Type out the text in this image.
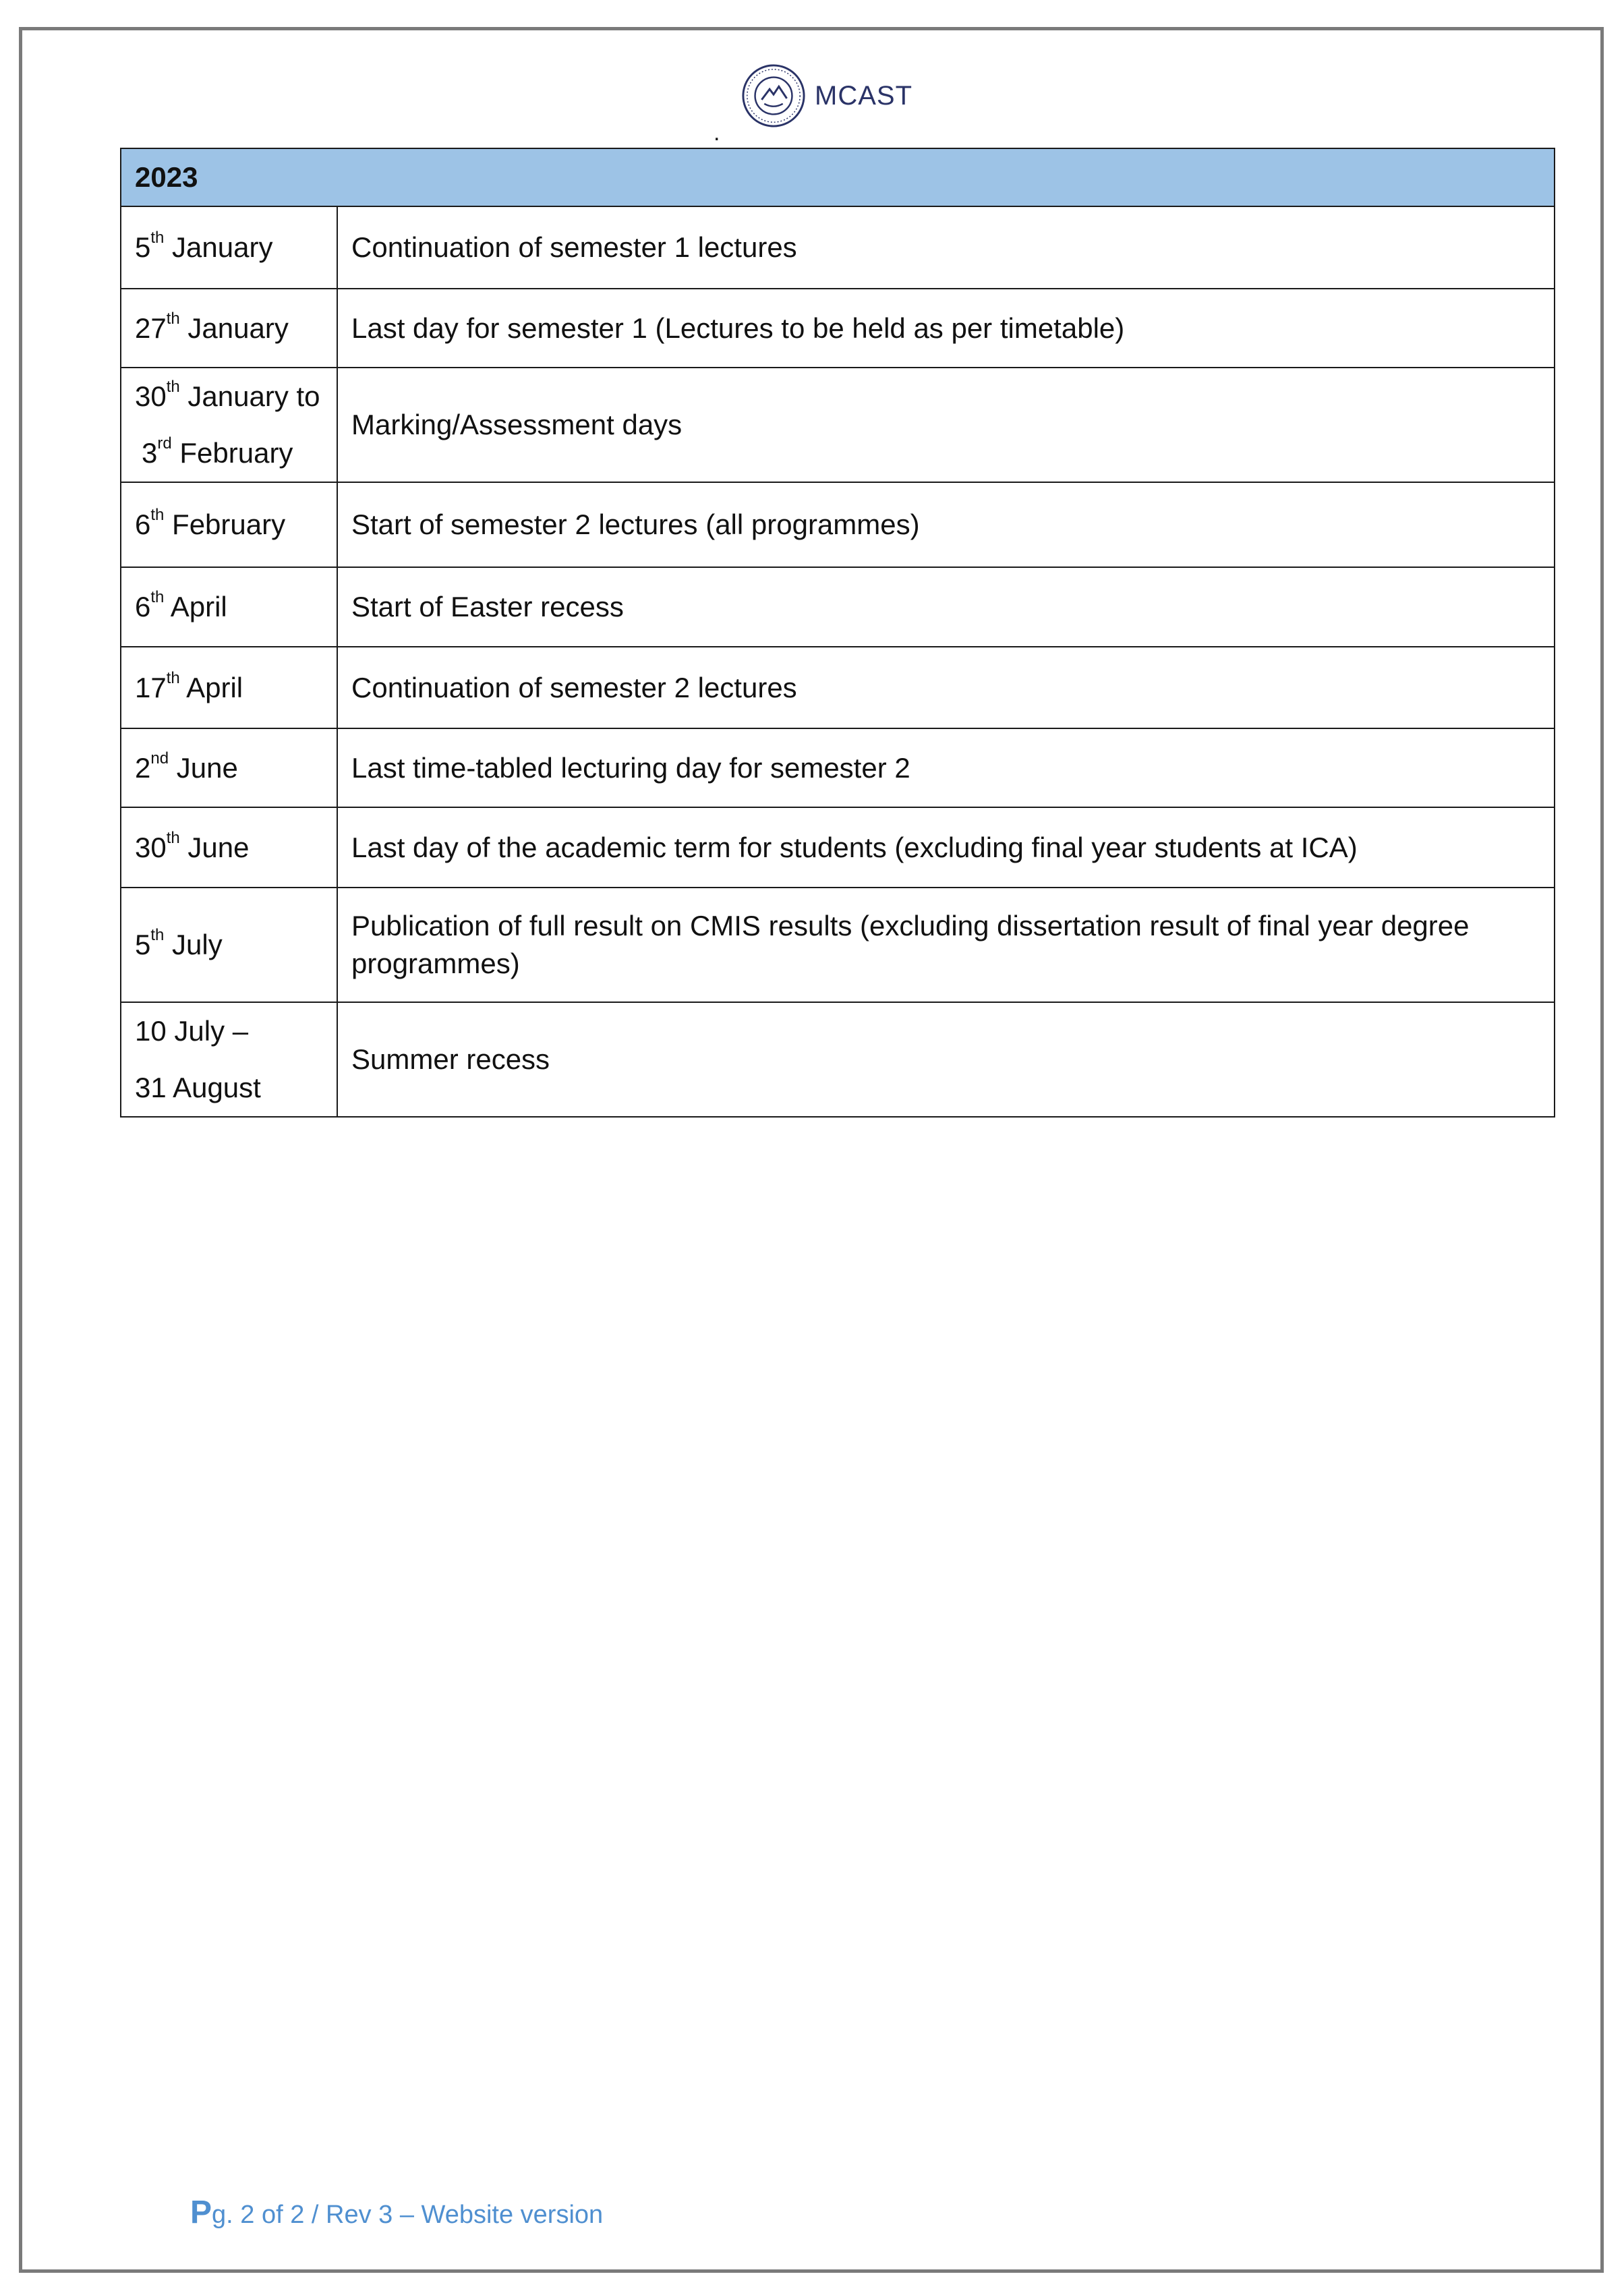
MCAST
.
2023	
5th January	Continuation of semester 1 lectures
27th January	Last day for semester 1 (Lectures to be held as per timetable)

30th January to
3rd February	Marking/Assessment days
6th February	Start of semester 2 lectures (all programmes)
6th April	Start of Easter recess
17th April	Continuation of semester 2 lectures
2nd June	Last time-tabled lecturing day for semester 2
30th June	Last day of the academic term for students (excluding final year students at ICA)
5th July	Publication of full result on CMIS results (excluding dissertation result of final year degree programmes)

10 July –
31 August	Summer recess
Pg. 2 of 2 / Rev 3 – Website version
